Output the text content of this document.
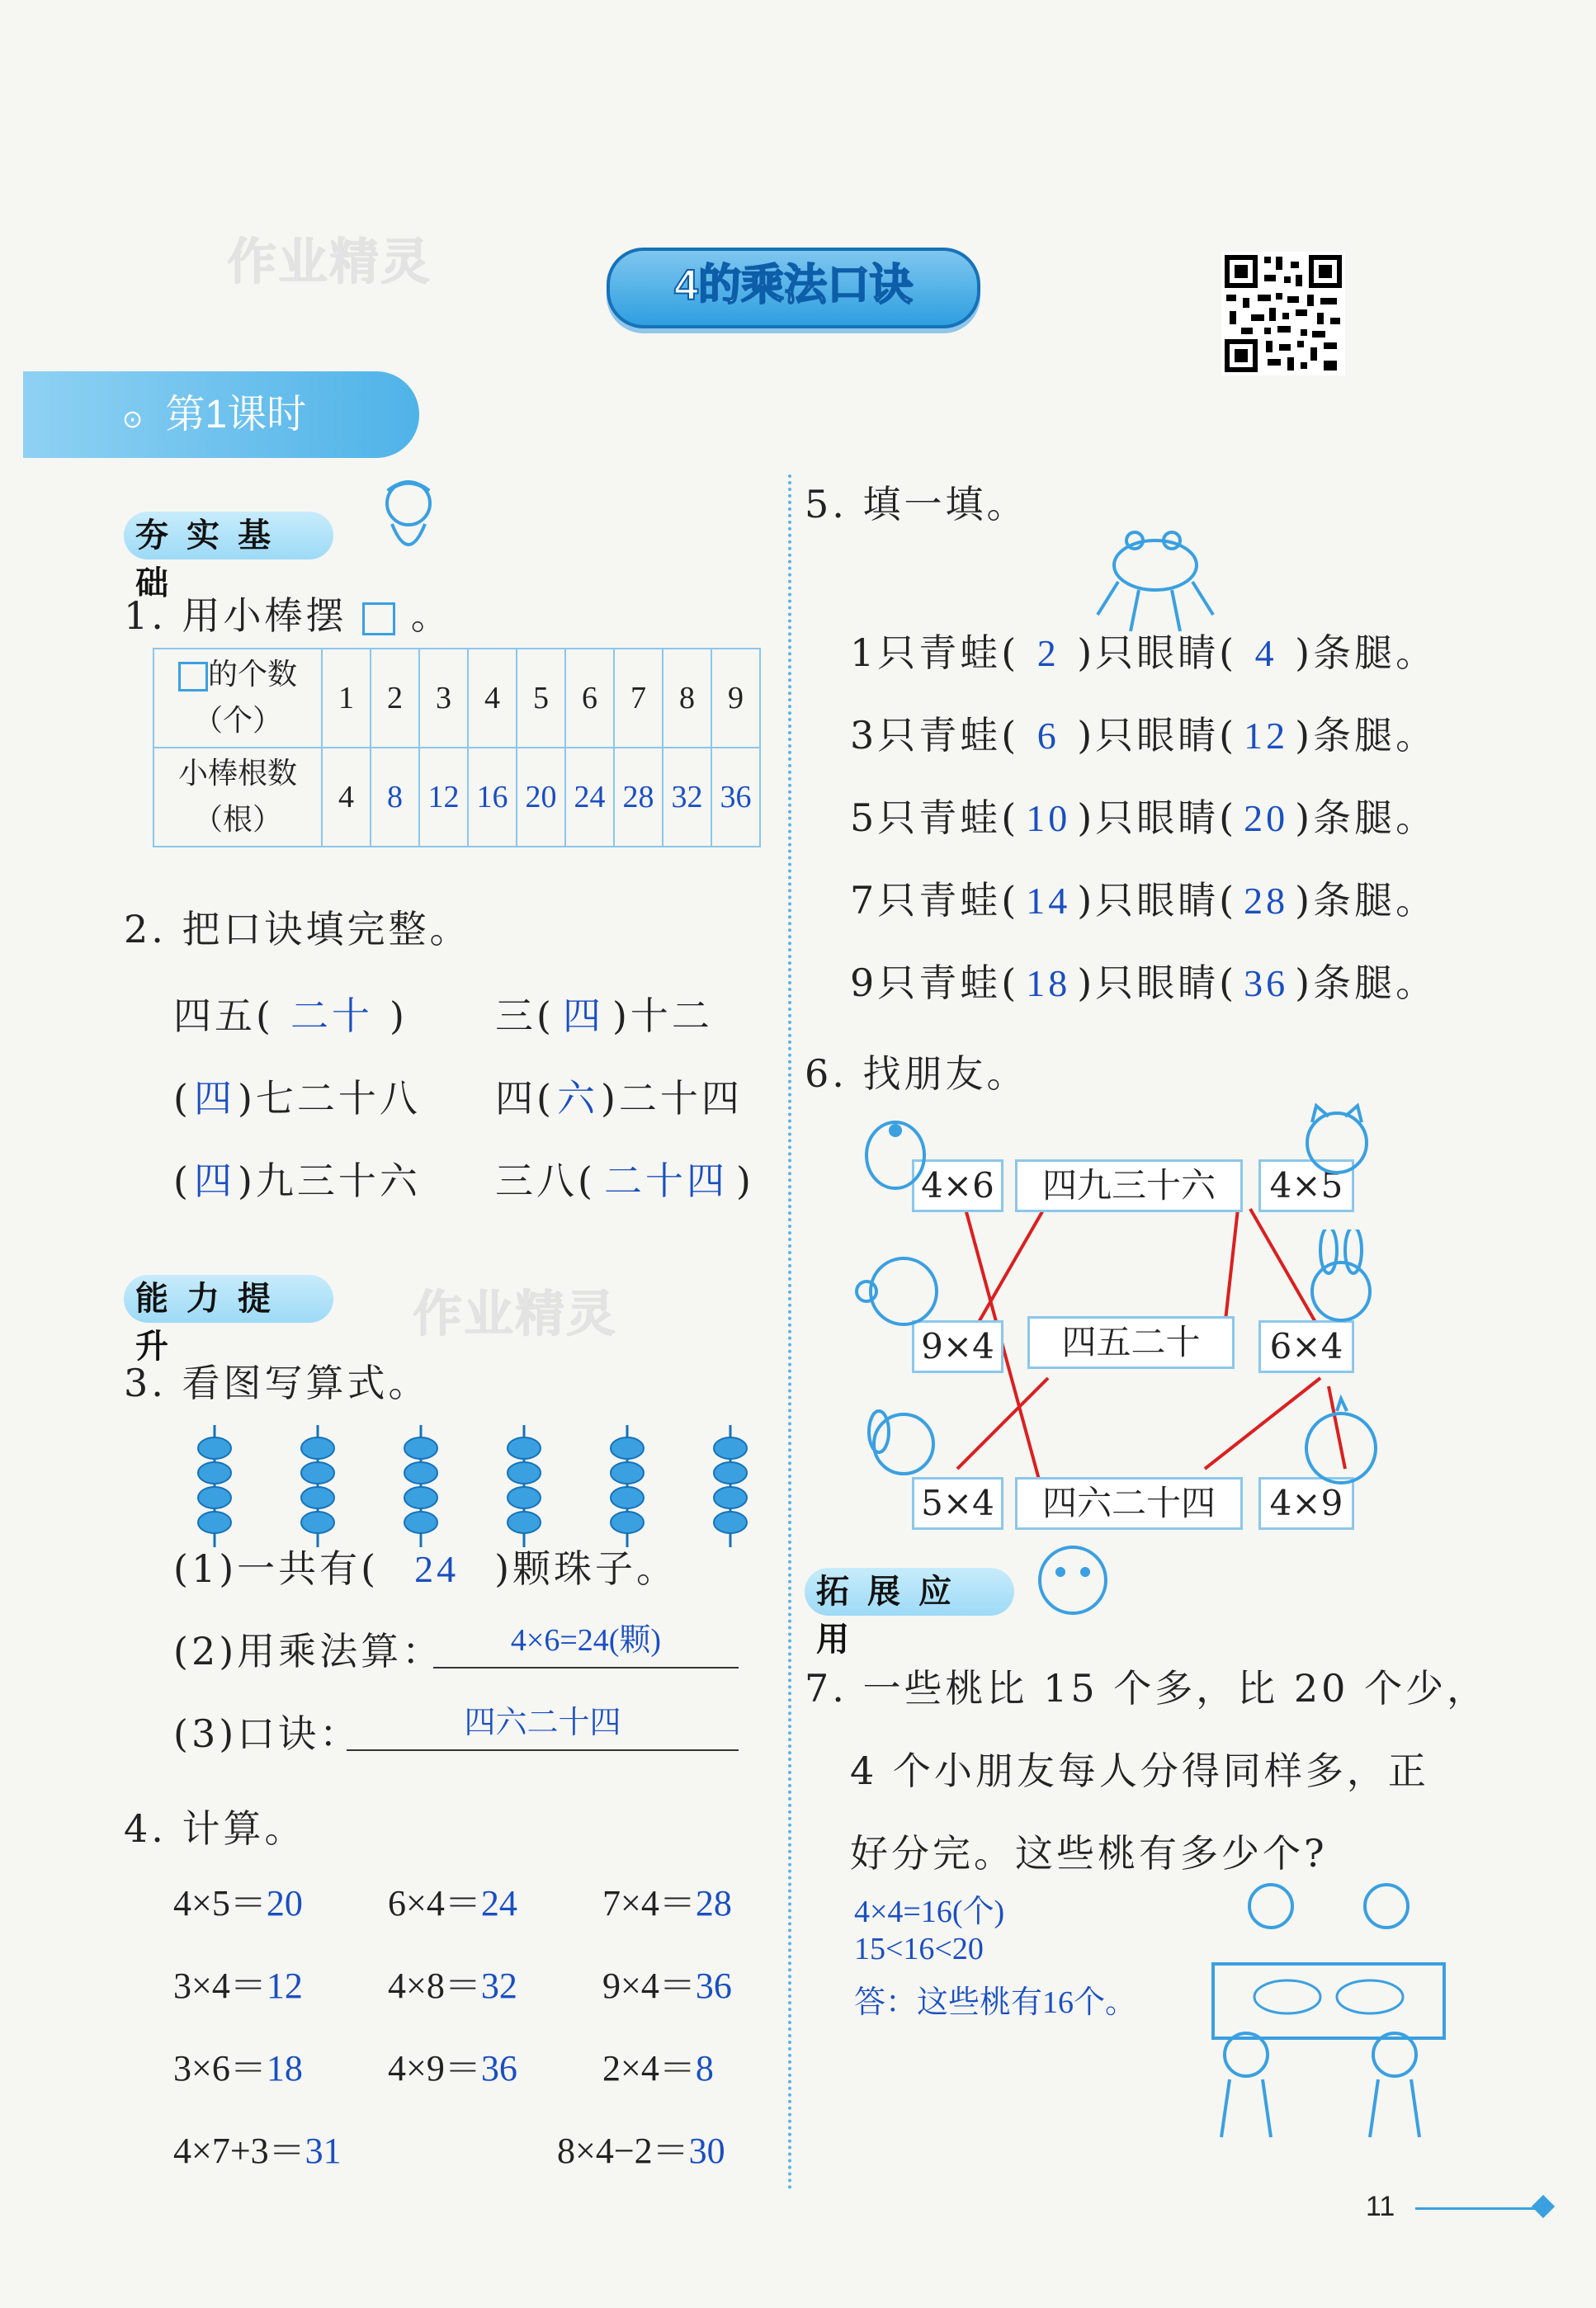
作业精灵	4的乘法口诀
⊙ 第1课时
夯实基础
1. 用小棒摆 。
的个数
（个）	1	2	3	4	5	6	7	8	9
小棒根数
（根）	4	8	12	16	20	24	28	32	36
2. 把口诀填完整。
四五( 二十 ) 三( 四 )十二
(四)七二十八 四(六)二十四
(四)九三十六 三八( 二十四 )
能力提升
作业精灵
3. 看图写算式。
(1)一共有( 24 )颗珠子。
(2)用乘法算：	4×6=24(颗)
(3)口诀：	四六二十四
4. 计算。
4×5＝20 6×4＝24 7×4＝28
3×4＝12 4×8＝32 9×4＝36
3×6＝18 4×9＝36 2×4＝8
4×7+3＝31	8×4−2＝30
5. 填一填。
1只青蛙( 2 )只眼睛( 4 )条腿。
3只青蛙( 6 )只眼睛( 12 )条腿。
5只青蛙( 10 )只眼睛( 20 )条腿。
7只青蛙( 14 )只眼睛( 28 )条腿。
9只青蛙( 18 )只眼睛( 36 )条腿。
6. 找朋友。
4×6	四九三十六	4×5
9×4	四五二十	6×4
5×4	四六二十四	4×9
拓展应用
7. 一些桃比 15 个多，比 20 个少，
4 个小朋友每人分得同样多，正
好分完。这些桃有多少个?
4×4=16(个)
15<16<20
答：这些桃有16个。
11
